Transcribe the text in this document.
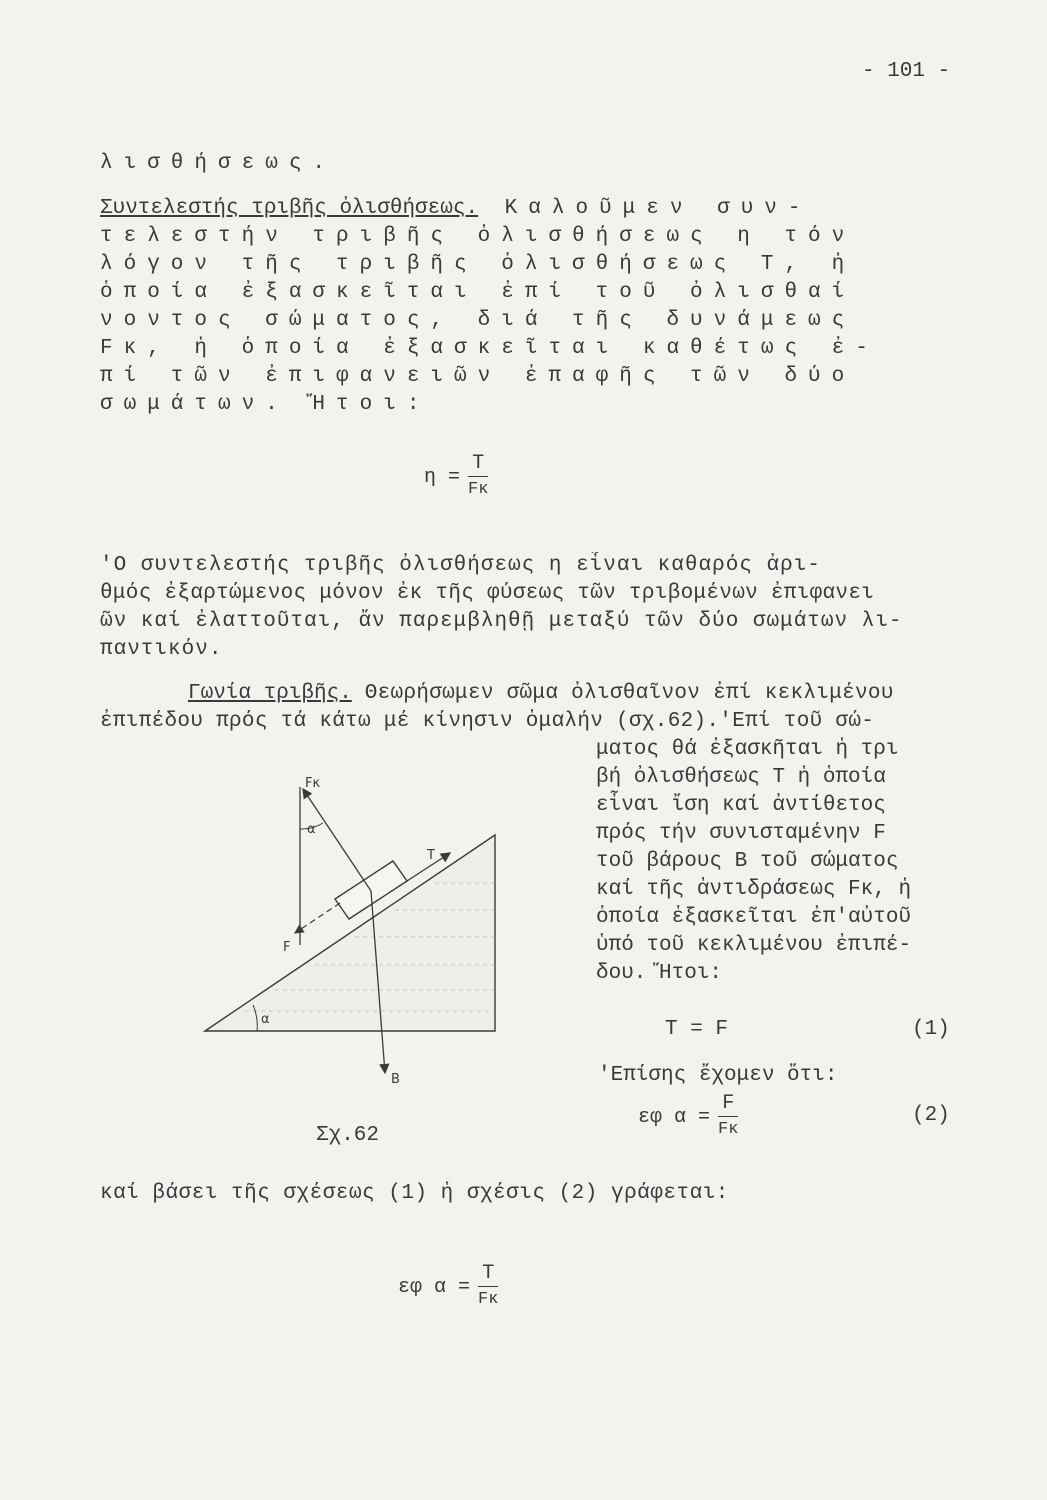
- 101 -
λισθήσεως.
Συντελεστής τριβῆς ὀλισθήσεως. Καλοῦμεν συν-
τελεστήν τριβῆς ὀλισθήσεως η τόν
λόγον τῆς τριβῆς ὀλισθήσεως T, ἡ
ὁποία ἐξασκεῖται ἐπί τοῦ ὀλισθαί
νοντος σώματος, διά τῆς δυνάμεως
Fκ, ἡ ὁποία ἐξασκεῖται καθέτως ἐ-
πί τῶν ἐπιφανειῶν ἐπαφῆς τῶν δύο
σωμάτων. Ἤτοι:
$\eta = \frac{T}{F\kappa}$
'Ο συντελεστής τριβῆς ὀλισθήσεως η εἶναι καθαρός ἀρι-
θμός ἐξαρτώμενος μόνον ἐκ τῆς φύσεως τῶν τριβομένων ἐπιφανει
ῶν καί ἐλαττοῦται, ἄν παρεμβληθῇ μεταξύ τῶν δύο σωμάτων λι-
παντικόν.
Γωνία τριβῆς. Θεωρήσωμεν σῶμα ὀλισθαῖνον ἐπί κεκλιμένου
ἐπιπέδου πρός τά κάτω μέ κίνησιν ὁμαλήν (σχ.62).'Επί τοῦ σώ-
ματος θά ἐξασκῆται ἡ τρι
βή ὀλισθήσεως T ἡ ὁποία
εἶναι ἴση καί ἀντίθετος
πρός τήν συνισταμένην F
τοῦ βάρους B τοῦ σώματος
καί τῆς ἀντιδράσεως Fκ, ἡ
ὁποία ἐξασκεῖται ἐπ'αὐτοῦ
ὑπό τοῦ κεκλιμένου ἐπιπέ-
δου. Ἤτοι:
T = F	(1)
'Επίσης ἔχομεν ὅτι:
εφ $\alpha = \frac{F}{F\kappa}$	(2)
Fκ
α
T
F
α
B
Σχ.62
καί βάσει τῆς σχέσεως (1) ἡ σχέσις (2) γράφεται:
εφ $\alpha = \frac{T}{F\kappa}$
